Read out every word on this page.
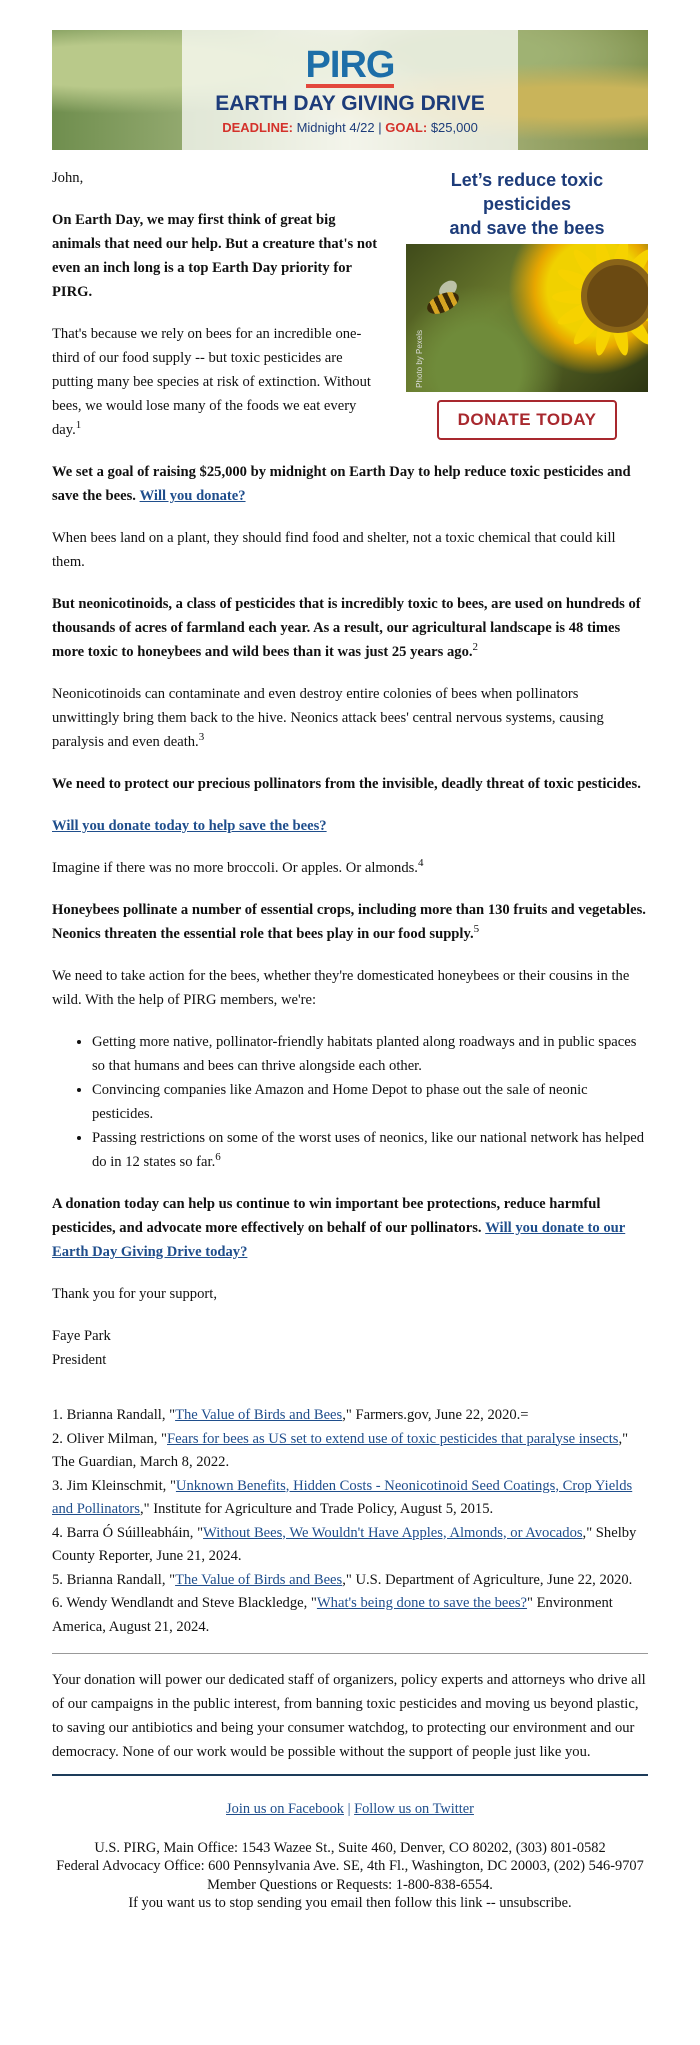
PIRG
EARTH DAY GIVING DRIVE
DEADLINE: Midnight 4/22 | GOAL: $25,000
Let’s reduce toxic pesticides
and save the bees
Photo by Pexels
DONATE TODAY

John,

On Earth Day, we may first think of great big animals that need our help. But a creature that's not even an inch long is a top Earth Day priority for PIRG.

That's because we rely on bees for an incredible one-third of our food supply -- but toxic pesticides are putting many bee species at risk of extinction. Without bees, we would lose many of the foods we eat every day.$^1$

We set a goal of raising $25,000 by midnight on Earth Day to help reduce toxic pesticides and save the bees. Will you donate?

When bees land on a plant, they should find food and shelter, not a toxic chemical that could kill them.

But neonicotinoids, a class of pesticides that is incredibly toxic to bees, are used on hundreds of thousands of acres of farmland each year. As a result, our agricultural landscape is 48 times more toxic to honeybees and wild bees than it was just 25 years ago.$^2$

Neonicotinoids can contaminate and even destroy entire colonies of bees when pollinators unwittingly bring them back to the hive. Neonics attack bees' central nervous systems, causing paralysis and even death.$^3$

We need to protect our precious pollinators from the invisible, deadly threat of toxic pesticides.

Will you donate today to help save the bees?

Imagine if there was no more broccoli. Or apples. Or almonds.$^4$

Honeybees pollinate a number of essential crops, including more than 130 fruits and vegetables. Neonics threaten the essential role that bees play in our food supply.$^5$

We need to take action for the bees, whether they're domesticated honeybees or their cousins in the wild. With the help of PIRG members, we're:

• Getting more native, pollinator-friendly habitats planted along roadways and in public spaces so that humans and bees can thrive alongside each other.
• Convincing companies like Amazon and Home Depot to phase out the sale of neonic pesticides.
• Passing restrictions on some of the worst uses of neonics, like our national network has helped do in 12 states so far.$^6$

A donation today can help us continue to win important bee protections, reduce harmful pesticides, and advocate more effectively on behalf of our pollinators. Will you donate to our Earth Day Giving Drive today?

Thank you for your support,

Faye Park
President

1. Brianna Randall, "The Value of Birds and Bees," Farmers.gov, June 22, 2020.=
2. Oliver Milman, "Fears for bees as US set to extend use of toxic pesticides that paralyse insects," The Guardian, March 8, 2022.
3. Jim Kleinschmit, "Unknown Benefits, Hidden Costs - Neonicotinoid Seed Coatings, Crop Yields and Pollinators," Institute for Agriculture and Trade Policy, August 5, 2015.
4. Barra Ó Súilleabháin, "Without Bees, We Wouldn't Have Apples, Almonds, or Avocados," Shelby County Reporter, June 21, 2024.
5. Brianna Randall, "The Value of Birds and Bees," U.S. Department of Agriculture, June 22, 2020.
6. Wendy Wendlandt and Steve Blackledge, "What's being done to save the bees?" Environment America, August 21, 2024.

Your donation will power our dedicated staff of organizers, policy experts and attorneys who drive all of our campaigns in the public interest, from banning toxic pesticides and moving us beyond plastic, to saving our antibiotics and being your consumer watchdog, to protecting our environment and our democracy. None of our work would be possible without the support of people just like you.

Join us on Facebook | Follow us on Twitter
U.S. PIRG, Main Office: 1543 Wazee St., Suite 460, Denver, CO 80202, (303) 801-0582
Federal Advocacy Office: 600 Pennsylvania Ave. SE, 4th Fl., Washington, DC 20003, (202) 546-9707
Member Questions or Requests: 1-800-838-6554.
If you want us to stop sending you email then follow this link -- unsubscribe.
